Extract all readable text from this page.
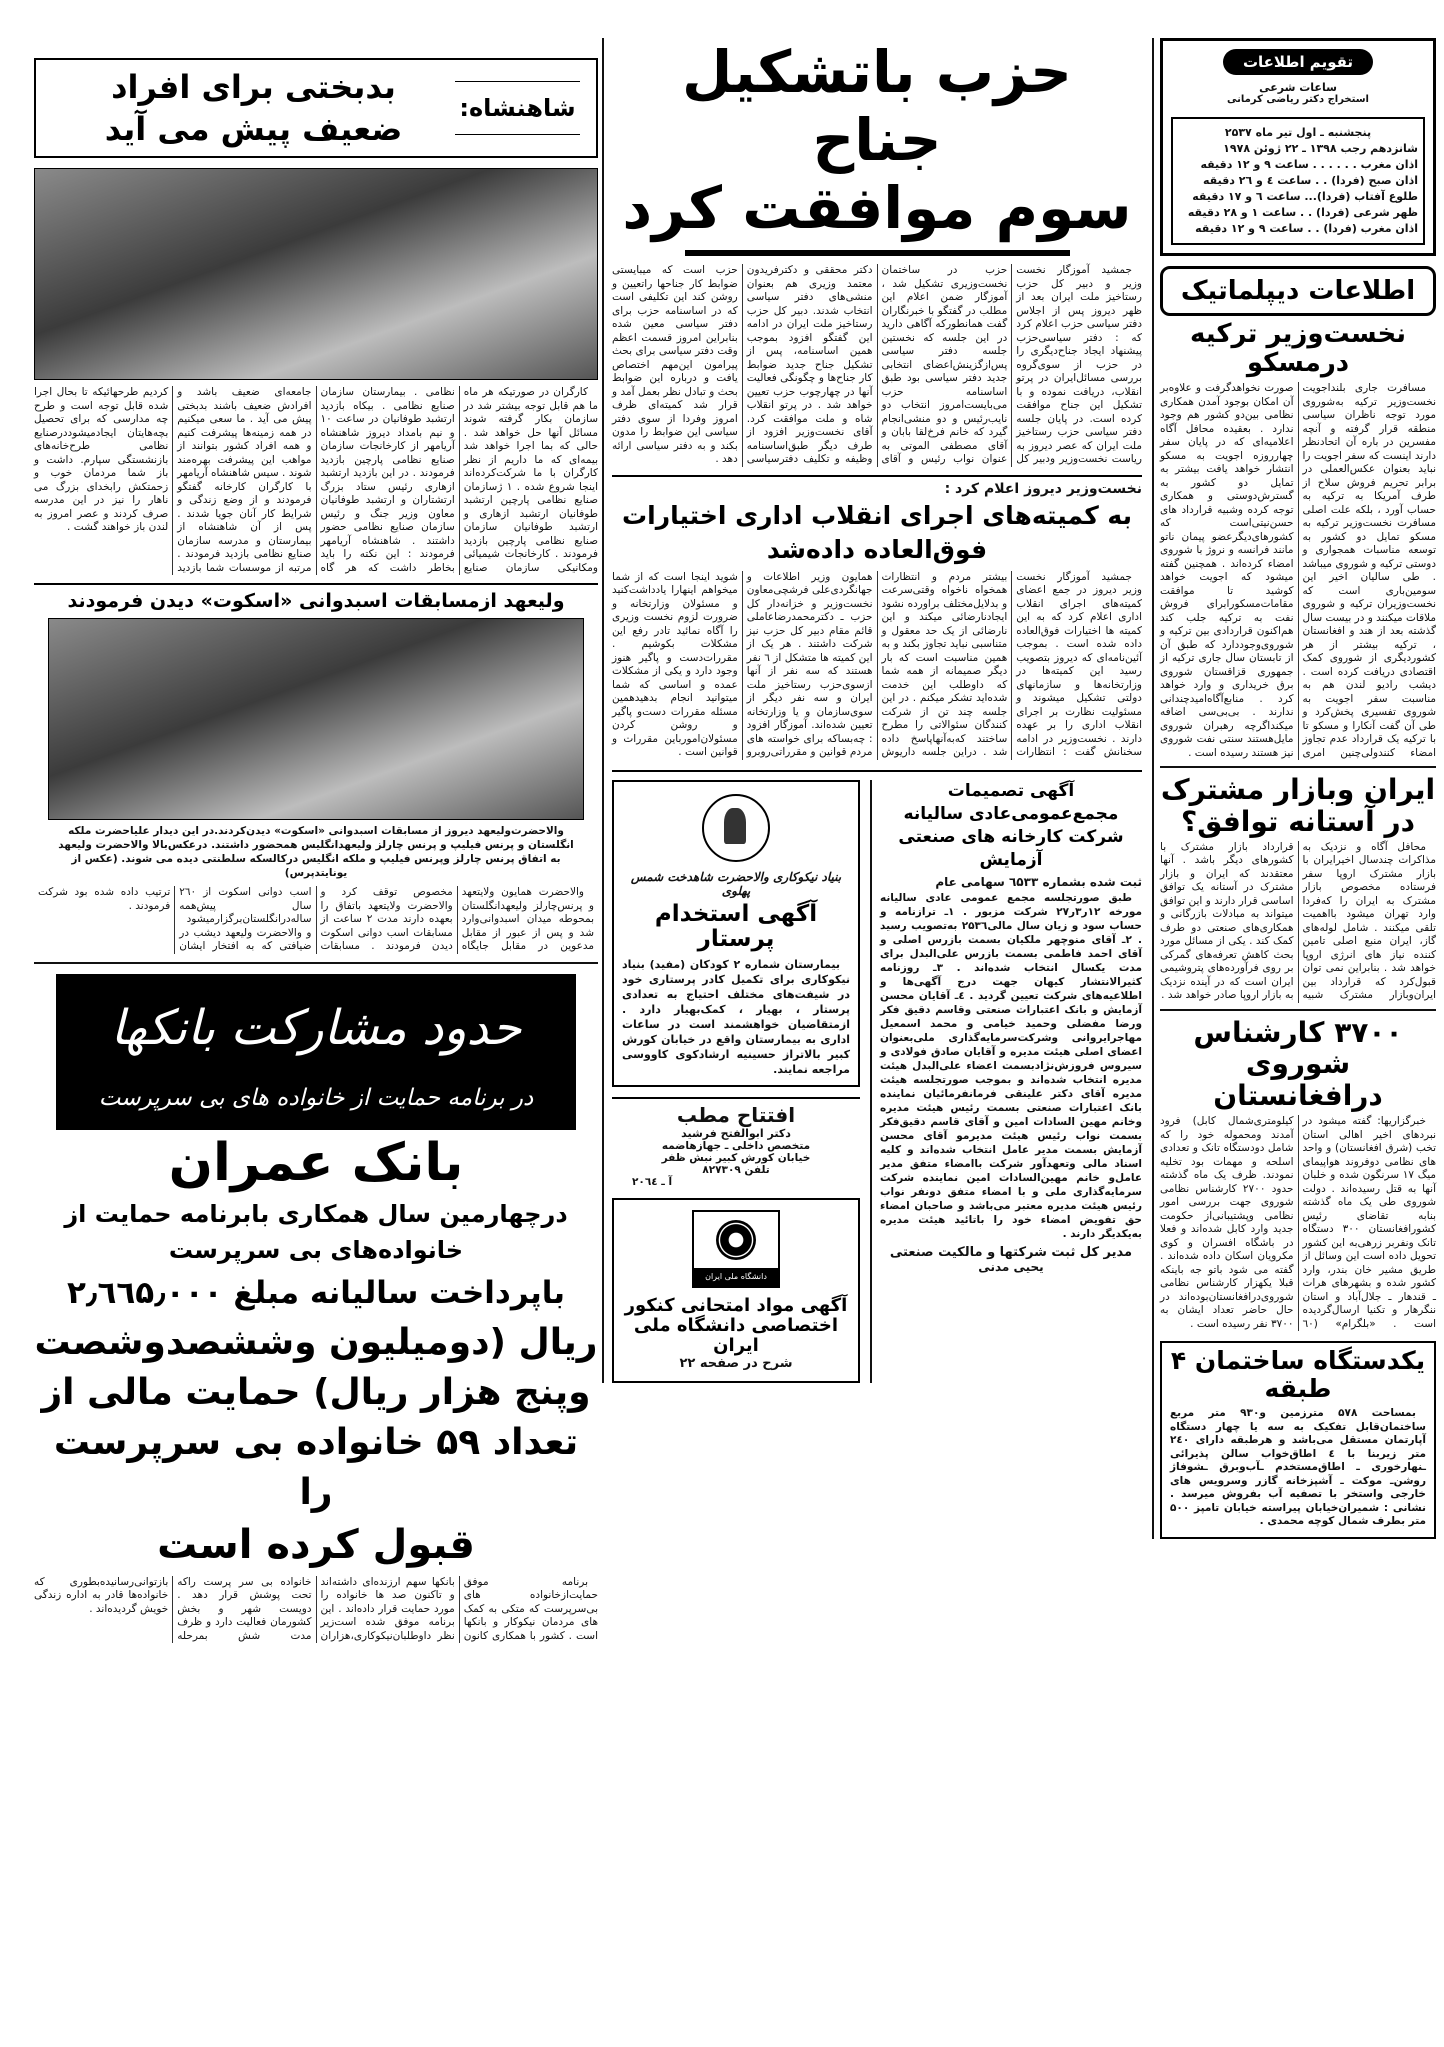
تقویم اطلاعات
ساعات شرعی
استخراج دکتر ریاضی کرمانی
پنجشنبه ـ اول تیر ماه ۲۵۳۷
شانزدهم رجب ۱۳۹۸ ـ ۲۲ ژوئن ۱۹۷۸
اذان مغرب . . . . . . ساعت ۹ و ۱۲ دقیقه
اذان صبح (فردا) . . ساعت ٤ و ۲٦ دقیقه
طلوع آفتاب (فردا)... ساعت ٦ و ۱۷ دقیقه
ظهر شرعی (فردا) . . ساعت ۱ و ۲۸ دقیقه
اذان مغرب (فردا) . . ساعت ۹ و ۱۲ دقیقه
اطلاعات دیپلماتیک
نخست‌وزیر ترکیه درمسکو

مسافرت جاری بلنداجویت نخست‌وزیر ترکیه به‌شوروی مورد توجه ناظران سیاسی منطقه قرار گرفته و آنچه مفسرین در باره آن اتحادنظر دارند اینست که سفر اجویت را نباید بعنوان عکس‌العملی در برابر تحریم فروش سلاح از طرف آمریکا به ترکیه به حساب آورد ، بلکه علت اصلی مسافرت نخست‌وزیر ترکیه به مسکو تمایل دو کشور به توسعه مناسبات همجواری و دوستی ترکیه و شوروی میباشد . طی سالیان اخیر این سومین‌باری است که نخست‌وزیران ترکیه و شوروی ملاقات میکنند و در بیست سال گذشته بعد از هند و افغانستان ، ترکیه بیشتر از هر کشوردیگری از شوروی کمک اقتصادی دریافت کرده است . دیشب رادیو لندن هم به مناسبت سفر اجویت به شوروی تفسیری پخش‌کرد و طی آن گفت آنکارا و مسکو تا با ترکیه یک قرارداد عدم تجاوز امضاء کنندولی‌چنین امری صورت نخواهدگرفت و علاوه‌بر آن امکان بوجود آمدن همکاری نظامی بین‌دو کشور هم وجود ندارد . بعقیده محافل آگاه اعلامیه‌ای که در پایان سفر چهارروزه اجویت به مسکو انتشار خواهد یافت بیشتر به تمایل دو کشور به گسترش‌دوستی و همکاری توجه کرده وشبیه قرارداد های حسن‌نیتی‌است که کشورهای‌دیگرعضو پیمان ناتو مانند فرانسه و نروژ با شوروی امضاء کرده‌اند . همچنین گفته میشود که اجویت خواهد کوشید تا موافقت مقامات‌مسکورابرای فروش نفت به ترکیه جلب کند هم‌اکنون قراردادی بین ترکیه و شوروی‌وجوددارد که طبق آن از تابستان سال جاری ترکیه از جمهوری قزاقستان شوروی برق خریداری و وارد خواهد کرد . منابع‌آگاه‌امیدچندانی ندارند . بی‌بی‌سی اضافه میکنداگرچه رهبران شوروی مایل‌هستند سنتی نفت شوروی نیز هستند رسیده است .

ایران وبازار مشترک در آستانه توافق؟

محافل آگاه و نزدیک به مذاکرات چندسال اخیرایران با بازار مشترک اروپا سفر فرستاده مخصوص بازار مشترک به ایران را که‌فردا وارد تهران میشود بااهمیت تلقی میکنند . شامل لوله‌های گاز، ایران منبع اصلی تامین کننده نیاز های انرژی اروپا خواهد شد . بنابراین نمی توان قبول‌کرد که قرارداد بین ایران‌وبازار مشترک شبیه قرارداد بازار مشترک با کشورهای دیگر باشد . آنها معتقدند که ایران و بازار مشترک در آستانه یک توافق اساسی قرار دارند و این توافق میتواند به مبادلات بازرگانی و همکاری‌های صنعتی دو طرف کمک کند . یکی از مسائل مورد بحث کاهش تعرفه‌های گمرکی بر روی فرآورده‌های پتروشیمی ایران است که در آینده نزدیک به بازار اروپا صادر خواهد شد .

۳۷۰۰ کارشناس شوروی درافغانستان

خبرگزاریها: گفته میشود در نبردهای اخیر اهالی استان تخب (شرق افغانستان) و واحد های نظامی دوفروند هواپیمای میگ ۱۷ سرنگون شده و خلبان آنها به قتل رسیده‌اند . دولت شوروی طی یک ماه گذشته بنابه تقاضای رئیس کشورافغانستان ۳۰۰ دستگاه تانک ونفربر زرهی‌به این کشور تحویل داده است این وسائل از طریق مشیر خان بندر، وارد کشور شده و بشهرهای هرات ـ قندهار ـ جلال‌آباد و استان ننگرهار و تکنیا ارسال‌گردیده است . «بلگرام» (٦۰ کیلومتری‌شمال کابل) فرود آمدند ومحموله خود را که شامل دودستگاه تانک و تعدادی اسلحه و مهمات بود تخلیه نمودند. ظرف یک ماه گذشته حدود ۲۷۰۰ کارشناس نظامی شوروی جهت بررسی امور نظامی وپشتیبانی‌از حکومت جدید وارد کابل شده‌اند و فعلا در باشگاه افسران و کوی مکرویان اسکان داده شده‌اند . گفته می شود باتو جه باینکه قبلا یکهزار کارشناس نظامی شوروی‌درافغانستان‌بوده‌اند در حال حاضر تعداد ایشان به ۳۷۰۰ نفر رسیده است .

یکدستگاه ساختمان ۴ طبقه

بمساحت ۵۷۸ مترزمین و۹۳۰ متر مربع ساختمان‌قابل تفکیک به سه یا چهار دستگاه آپارتمان مستقل می‌باشد و هرطبقه دارای ۲٤۰ متر زیربنا با ٤ اطاق‌خواب سالن پذیرائی ـنهارخوری ـ اطاق‌مستخدم ـآب‌وبرق ـشوفاژ روشن‌ـ موکت ـ آشپزخانه گازر وسرویس های خارجی واستخر با تصفیه آب بفروش میرسد . نشانی : شمیران‌خیابان پیراسته خیابان تامپز ۵۰۰ متر بطرف شمال کوچه محمدی .

حزب باتشکیل جناح
سوم موافقت کرد

جمشید آموزگار نخست وزیر و دبیر کل حزب رستاخیز ملت ایران بعد از ظهر دیروز پس از اجلاس دفتر سیاسی حزب اعلام کرد که : دفتر سیاسی‌حزب پیشنهاد ایجاد جناح‌دیگری را در حزب از سوی‌گروه بررسی مسائل‌ایران در پرتو انقلاب، دریافت نموده و با تشکیل این جناح موافقت کرده است. در پایان جلسه دفتر سیاسی حزب رستاخیز ملت ایران که عصر دیروز به ریاست نخست‌وزیر ودبیر کل حزب در ساختمان نخست‌وزیری تشکیل شد ، آموزگار ضمن اعلام این مطلب در گفتگو با خبرنگاران گفت همانطورکه آگاهی دارید در این جلسه که نخستین جلسه دفتر سیاسی پس‌ازگزینش‌اعضای انتخابی جدید دفتر سیاسی بود طبق اساسنامه حزب می‌بایست‌امروز انتخاب دو نایب‌رئیس و دو منشی‌انجام گیرد که خانم فرخ‌لقا بابان و آقای مصطفی الموتی به عنوان نواب رئیس و آقای دکتر محققی و دکترفریدون معتمد وزیری هم بعنوان منشی‌های دفتر سیاسی انتخاب شدند. دبیر کل حزب رستاخیز ملت ایران در ادامه این گفتگو افزود بموجب همین اساسنامه، پس از تشکیل جناح جدید ضوابط کار جناح‌ها و چگونگی فعالیت آنها در چهارچوب حزب تعیین خواهد شد . در پرتو انقلاب شاه و ملت موافقت کرد. آقای نخست‌وزیر افزود از طرف دیگر طبق‌اساسنامه وظیفه و تکلیف دفترسیاسی حزب است که میبایستی ضوابط کار جناحها راتعیین و روشن کند این تکلیفی است که در اساسنامه حزب برای دفتر سیاسی معین شده بنابراین امروز قسمت اعظم وقت دفتر سیاسی برای بحث پیرامون این‌مهم اختصاص یافت و درباره این ضوابط بحث و تبادل نظر بعمل آمد و قرار شد کمیته‌ای ظرف امروز وفردا از سوی دفتر سیاسی این ضوابط را مدون بکند و به دفتر سیاسی ارائه دهد .

نخست‌وزیر دیروز اعلام کرد :
به کمیته‌های اجرای انقلاب اداری اختیارات فوق‌العاده داده‌شد

جمشید آموزگار نخست وزیر دیروز در جمع اعضای کمیته‌های اجرای انقلاب اداری اعلام کرد که به این کمیته ها اختیارات فوق‌العاده داده شده است . بموجب آئین‌نامه‌ای که دیروز بتصویب رسید این کمیته‌ها در وزارتخانه‌ها و سازمانهای دولتی تشکیل میشوند و مسئولیت نظارت بر اجرای انقلاب اداری را بر عهده دارند . نخست‌وزیر در ادامه سخنانش گفت : انتظارات بیشتر مردم و انتظارات همخواه ناخواه وقتی‌سرعت و بدلایل‌مختلف براورده نشود ایجادنارضائی میکند و این نارضائی از یک حد معقول و متناسبی نباید تجاوز بکند و به همین مناسبت است که بار دیگر صمیمانه از همه شما که داوطلب این خدمت شده‌اید تشکر میکنم . در این جلسه چند تن از شرکت کنندگان سئوالاتی را مطرح ساختند که‌به‌آنهاپاسخ داده شد . دراین جلسه داریوش همایون وزیر اطلاعات و جهانگردی‌علی فرشچی‌معاون نخست‌وزیر و خزانه‌دار کل حزب ـ دکترمحمدرضاعاملی قائم مقام دبیر کل حزب نیز شرکت داشتند . هر یک از این کمیته ها متشکل از ٦ نفر هستند که سه نفر از آنها ازسوی‌حزب رستاخیز ملت ایران و سه نفر دیگر از سوی‌سازمان و یا وزارتخانه تعیین شده‌اند. آموزگار افزود : چه‌بساکه برای خواسته های مردم قوانین و مقرراتی‌روبرو شوید اینجا است که از شما میخواهم اینهارا یادداشت‌کنید و مسئولان وزارتخانه و ضرورت لزوم نخست وزیری را آگاه نمائید تادر رفع این مشکلات بکوشیم . مقررات‌دست و پاگیر هنوز وجود دارد و یکی از مشکلات عمده و اساسی که شما میتوانید انجام بدهید‌همین مسئله مقررات دست‌و پاگیر و روشن کردن مسئولان‌امور‌باین مقررات و قوانین است .

آگهی تصمیمات مجمع‌عمومی‌عادی سالیانه شرکت کارخانه های صنعتی آزمایش
ثبت شده بشماره ٦۵۳۳ سهامی عام

طبق صورتجلسه مجمع عمومی عادی سالیانه مورخه ۱۲ر۳ر۲۷ شرکت مزبور . ۱ـ ترازنامه و حساب سود و زیان سال مالی۲۵۳٦ به‌تصویب رسید . ۲ـ آقای منوچهر ملکیان بسمت بازرس اصلی و آقای احمد فاطمی بسمت بازرس علی‌البدل برای مدت یکسال انتخاب شده‌اند . ۳ـ روزنامه کثیرالانتشار کیهان جهت درج آگهی‌ها و اطلاعیه‌های شرکت تعیین گردید . ٤ـ آقایان محسن آزمایش و بانک اعتبارات صنعتی وقاسم دقیق فکر ورضا مفضلی وحمید خیامی و محمد اسمعیل مهاجرایروانی وشرکت‌سرمایه‌گذاری ملی‌بعنوان اعضای اصلی هیئت مدیره و آقایان صادق فولادی و سیروس فروزش‌نژادبسمت اعضاء علی‌البدل هیئت مدیره انتخاب شده‌اند و بموجب صورتجلسه هیئت مدیره آقای دکتر علینقی فرمانفرمائیان نماینده بانک اعتبارات صنعتی بسمت رئیس هیئت مدیره وخانم مهین السادات امین و آقای قاسم دقیق‌فکر بسمت نواب رئیس هیئت مدیرمو آقای محسن آزمایش بسمت مدیر عامل انتخاب شده‌اند و کلیه اسناد مالی وتعهدآور شرکت باامضاء متفق مدیر عامل‌و خانم مهین‌السادات امین نماینده شرکت سرمایه‌گذاری ملی و با امضاء متفق دونفر نواب رئیس هیئت مدیره معتبر می‌باشد و صاحبان امضاء حق تفویض امضاء خود را باتائید هیئت مدیره به‌یکدیگر دارند .

مدیر کل ثبت شرکتها و مالکیت صنعتی
یحیی مدنی
بنیاد نیکوکاری والاحضرت شاهدخت شمس پهلوی
آگهی استخدام پرستار

بیمارستان شماره ۲ کودکان (مفید) بنیاد نیکوکاری برای تکمیل کادر پرستاری خود در شیفت‌های مختلف احتیاج به تعدادی پرستار ، بهیار ، کمک‌بهیار دارد . ازمتقاضیان خواهشمند است در ساعات اداری به بیمارستان واقع در خیابان کورش کبیر بالاتراز حسینیه ارشادکوی کاووسی مراجعه نمایند.

افتتاح مطب
دکتر ابوالفتح فرشید
متخصص داخلی ـ جهازهاضمه
خیابان کورش کبیر نبش ظفر
تلفن ۸۲۷۳۰۹
آ ـ ۲۰٦٤
دانشگاه ملی ایران
آگهی مواد امتحانی کنکور
اختصاصی دانشگاه ملی ایران
شرح در صفحه ۲۲
شاهنشاه:
بدبختی برای افراد
ضعیف پیش می آید

کارگران در صورتیکه هر ماه ما هم قابل توجه بیشتر شد در سازمان بکار گرفته شوند مسائل آنها حل خواهد شد . حالی که بما اجرا خواهد شد بیمه‌ای که ما داریم از نظر کارگران با ما شرکت‌کرده‌اند اینجا شروع شده . ۱ ژسازمان صنایع نظامی پارچین ارتشبد طوفانیان ارتشبد ازهاری و ارتشبد طوفانیان سازمان صنایع نظامی پارچین بازدید فرمودند . کارخانجات شیمیائی ومکانیکی سازمان صنایع نظامی . بیمارستان سازمان صنایع نظامی . بیکاه بازدید ارتشبد طوفانیان در ساعت ۱۰ و نیم بامداد دیروز شاهنشاه آریامهر از کارخانجات سازمان صنایع نظامی پارچین بازدید فرمودند . در این بازدید ارتشبد ازهاری رئیس ستاد بزرگ ارتشتاران و ارتشبد طوفانیان معاون وزیر جنگ و رئیس سازمان صنایع نظامی حضور داشتند . شاهنشاه آریامهر فرمودند : این نکته را باید بخاطر داشت که هر گاه جامعه‌ای ضعیف باشد و افرادش ضعیف باشند بدبختی پیش می آید . ما سعی میکنیم در همه زمینه‌ها پیشرفت کنیم و همه افراد کشور بتوانند از مواهب این پیشرفت بهره‌مند شوند . سیس شاهنشاه آریامهر با کارگران کارخانه گفتگو فرمودند و از وضع زندگی و شرایط کار آنان جویا شدند . پس از آن شاهنشاه از بیمارستان و مدرسه سازمان صنایع نظامی بازدید فرمودند . مرتبه از موسسات شما بازدید کردیم طرحهائیکه تا بحال اجرا شده قابل توجه است و طرح چه مدارسی که برای تحصیل بچه‌هایتان ایجادمیشوددرصنایع نظامی طرح‌خانه‌های بازنشستگی سپارم. داشت و باز شما مردمان خوب و زحمتکش رابخدای بزرگ می‌ ناهار را نیز در این مدرسه صرف کردند و عصر امروز به لندن باز خواهند گشت .

ولیعهد ازمسابقات اسبدوانی «اسکوت» دیدن فرمودند
والاحضرت‌ولیعهد دیروز از مسابقات اسبدوانی «اسکوت» دیدن‌کردند.در این دیدار علیاحضرت ملکه انگلستان و پرنس فیلیپ و پرنس چارلز ولیعهدانگلیس همحضور داشتند. درعکس‌بالا والاحضرت ولیعهد به اتفاق پرنس چارلز وپرنس فیلیپ و ملکه انگلیس درکالسکه سلطنتی دیده می شوند. (عکس از یونایتدپرس)

والاحضرت همایون ولایتعهد و پرنس‌چارلز ولیعهدانگلستان بمحوطه میدان اسبدوانی‌وارد شد و پس از عبور از مقابل مدعوین در مقابل جایگاه مخصوص توقف کرد و والاحضرت ولایتعهد باتفاق را بعهده دارند مدت ۲ ساعت از مسابقات اسب دوانی اسکوت دیدن فرمودند . مسابقات اسب دوانی اسکوت از ۲٦۰ سال پیش‌همه ساله‌درانگلستان‌برگزارمیشود و والاحضرت ولیعهد دیشب در ضیافتی که به افتخار ایشان ترتیب داده شده بود شرکت فرمودند .

حدود مشارکت بانکها
در برنامه حمایت از خانواده های بی سرپرست
بانک عمران
درچهارمین سال همکاری بابرنامه حمایت از
خانواده‌های بی سرپرست
باپرداخت سالیانه مبلغ ۲٫٦٦۵٫۰۰۰
ریال (دومیلیون وششصدوشصت
وپنج هزار ریال) حمایت مالی از
تعداد ۵۹ خانواده بی سرپرست را
قبول کرده است

برنامه موفق حمایت‌ازخانواده های بی‌سرپرست که متکی به کمک های مردمان نیکوکار و بانکها است . کشور با همکاری کانون بانکها سهم ارزنده‌ای داشته‌اند و تاکنون صد ها خانواده را مورد حمایت قرار داده‌اند . این برنامه موفق شده است‌زیر نظر داوطلبان‌نیکوکاری،هزاران خانواده بی سر پرست راکه تحت پوشش قرار دهد . دویست شهر و بخش کشورمان فعالیت دارد و ظرف مدت شش بمرحله بازتوانی‌رسانیده‌بطوری که خانواده‌ها قادر به اداره زندگی خویش گردیده‌اند .
